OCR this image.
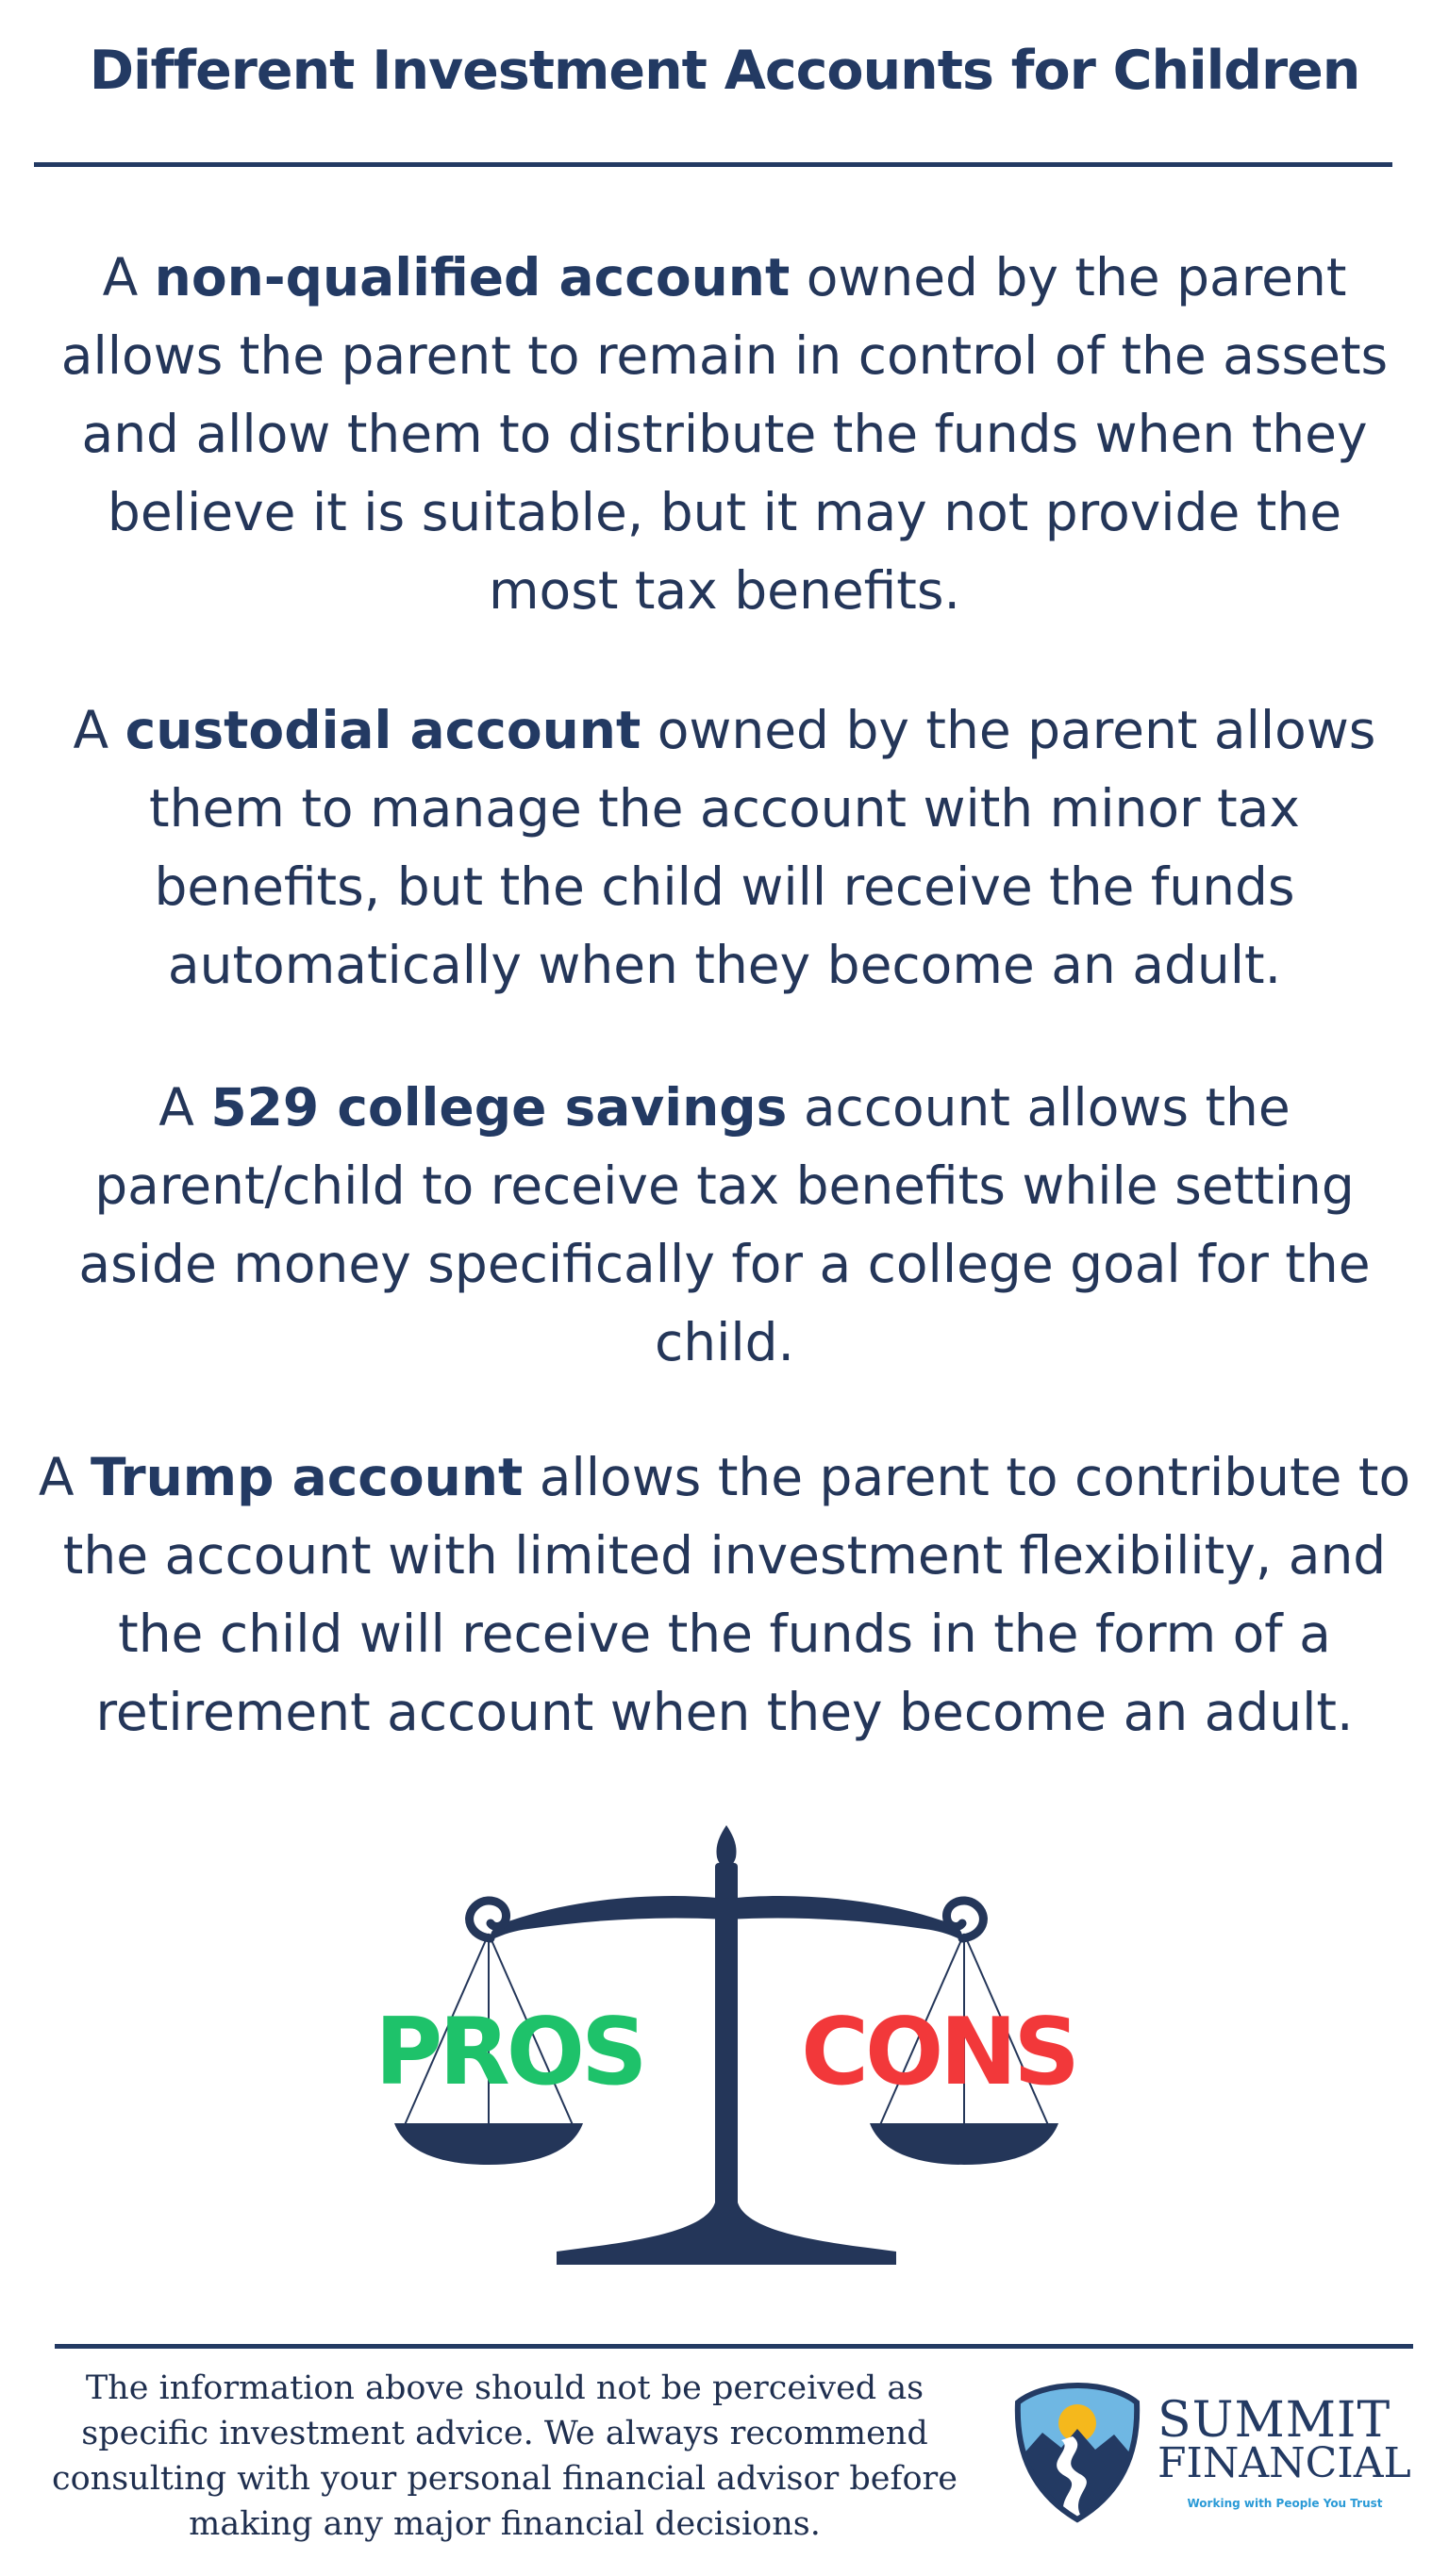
Different Investment Accounts for Children
A non-qualified account owned by the parent allows the parent to remain in control of the assets and allow them to distribute the funds when they believe it is suitable, but it may not provide the most tax benefits.
A custodial account owned by the parent allows them to manage the account with minor tax benefits, but the child will receive the funds automatically when they become an adult.
A 529 college savings account allows the parent/child to receive tax benefits while setting aside money specifically for a college goal for the child.
A Trump account allows the parent to contribute to the account with limited investment flexibility, and the child will receive the funds in the form of a retirement account when they become an adult.
PROS CONS
The information above should not be perceived as specific investment advice. We always recommend consulting with your personal financial advisor before making any major financial decisions.
SUMMIT
FINANCIAL
Working with People You Trust
